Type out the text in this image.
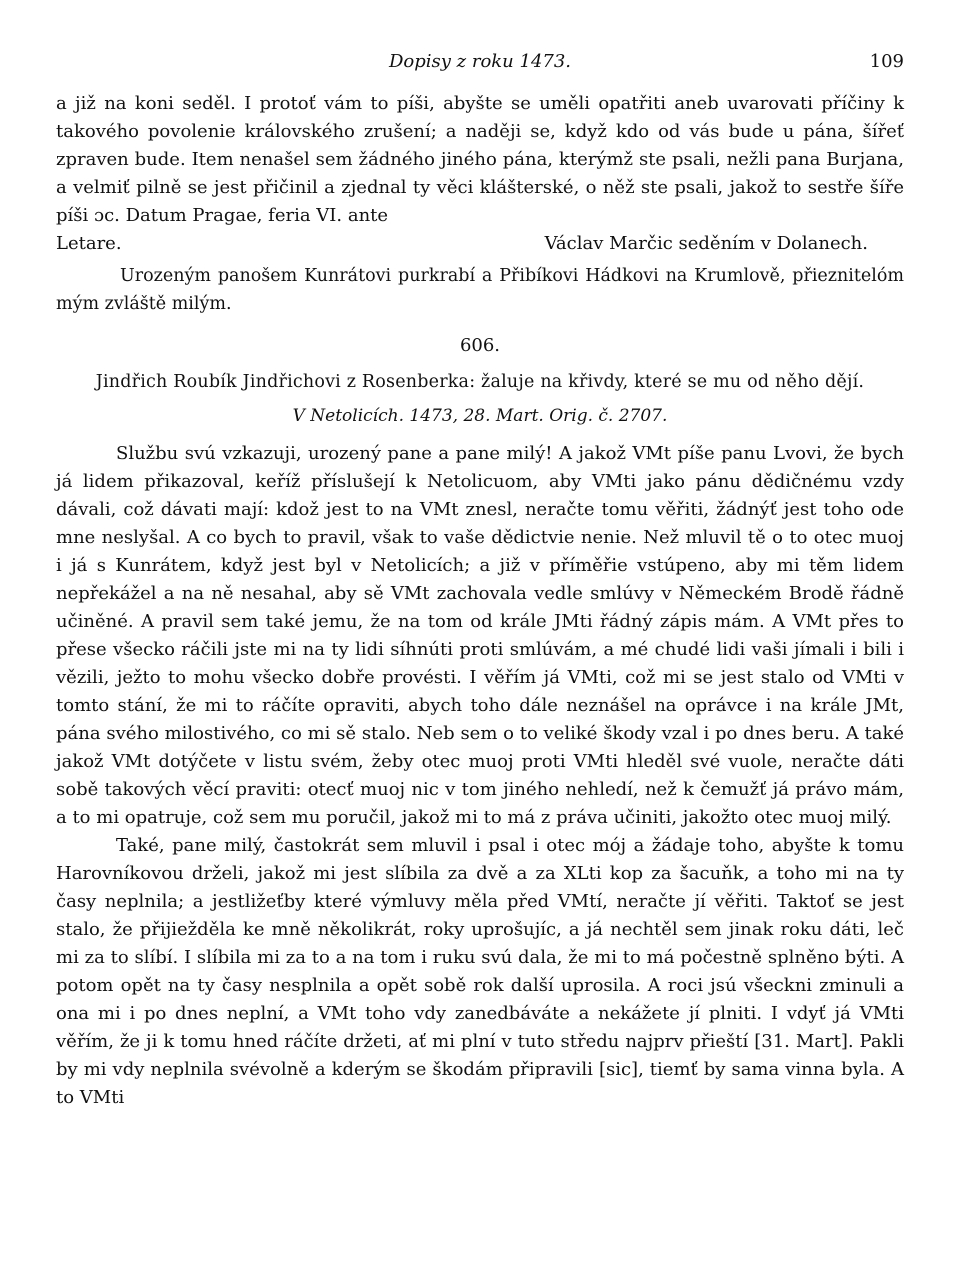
Dopisy z roku 1473.	109

a již na koni seděl. I protoť vám to píši, abyšte se uměli opatřiti aneb uvarovati příčiny k takového povolenie královského zrušení; a naději se, když kdo od vás bude u pána, šířeť zpraven bude. Item nenašel sem žádného jiného pána, kterýmž ste psali, nežli pana Burjana, a velmiť pilně se jest přičinil a zjednal ty věci klášterské, o něž ste psali, jakož to sestře šíře píši ɔc. Datum Pragae, feria VI. ante

Letare.	Václav Marčic seděním v Dolanech.

Urozeným panošem Kunrátovi purkrabí a Přibíkovi Hádkovi na Krumlově, přieznitelóm mým zvláště milým.

606.

Jindřich Roubík Jindřichovi z Rosenberka: žaluje na křivdy, které se mu od něho dějí.

V Netolicích. 1473, 28. Mart. Orig. č. 2707.

Službu svú vzkazuji, urozený pane a pane milý! A jakož VMt píše panu Lvovi, že bych já lidem přikazoval, keříž příslušejí k Netolicuom, aby VMti jako pánu dědičnému vzdy dávali, což dávati mají: kdož jest to na VMt znesl, neračte tomu věřiti, žádnýť jest toho ode mne neslyšal. A co bych to pravil, však to vaše dědictvie nenie. Než mluvil tě o to otec muoj i já s Kunrátem, když jest byl v Netolicích; a již v příměřie vstúpeno, aby mi těm lidem nepřekážel a na ně nesahal, aby sě VMt zachovala vedle smlúvy v Německém Brodě řádně učiněné. A pravil sem také jemu, že na tom od krále JMti řádný zápis mám. A VMt přes to přese všecko ráčili jste mi na ty lidi síhnúti proti smlúvám, a mé chudé lidi vaši jímali i bili i vězili, ježto to mohu všecko dobře provésti. I věřím já VMti, což mi se jest stalo od VMti v tomto stání, že mi to ráčíte opraviti, abych toho dále neznášel na oprávce i na krále JMt, pána svého milostivého, co mi sě stalo. Neb sem o to veliké škody vzal i po dnes beru. A také jakož VMt dotýčete v listu svém, žeby otec muoj proti VMti hleděl své vuole, neračte dáti sobě takových věcí praviti: otecť muoj nic v tom jiného nehledí, než k čemužť já právo mám, a to mi opatruje, což sem mu poručil, jakož mi to má z práva učiniti, jakožto otec muoj milý.

Také, pane milý, častokrát sem mluvil i psal i otec mój a žádaje toho, abyšte k tomu Harovníkovou drželi, jakož mi jest slíbila za dvě a za XLti kop za šacuňk, a toho mi na ty časy neplnila; a jestližeťby které výmluvy měla před VMtí, neračte jí věřiti. Taktoť se jest stalo, že přijiežděla ke mně několikrát, roky uprošujíc, a já nechtěl sem jinak roku dáti, leč mi za to slíbí. I slíbila mi za to a na tom i ruku svú dala, že mi to má počestně splněno býti. A potom opět na ty časy nesplnila a opět sobě rok další uprosila. A roci jsú všeckni zminuli a ona mi i po dnes neplní, a VMt toho vdy zanedbáváte a nekážete jí plniti. I vdyť já VMti věřím, že ji k tomu hned ráčíte držeti, ať mi plní v tuto středu najprv přieští [31. Mart]. Pakli by mi vdy neplnila svévolně a kderým se škodám připravili [sic], tiemť by sama vinna byla. A to VMti
